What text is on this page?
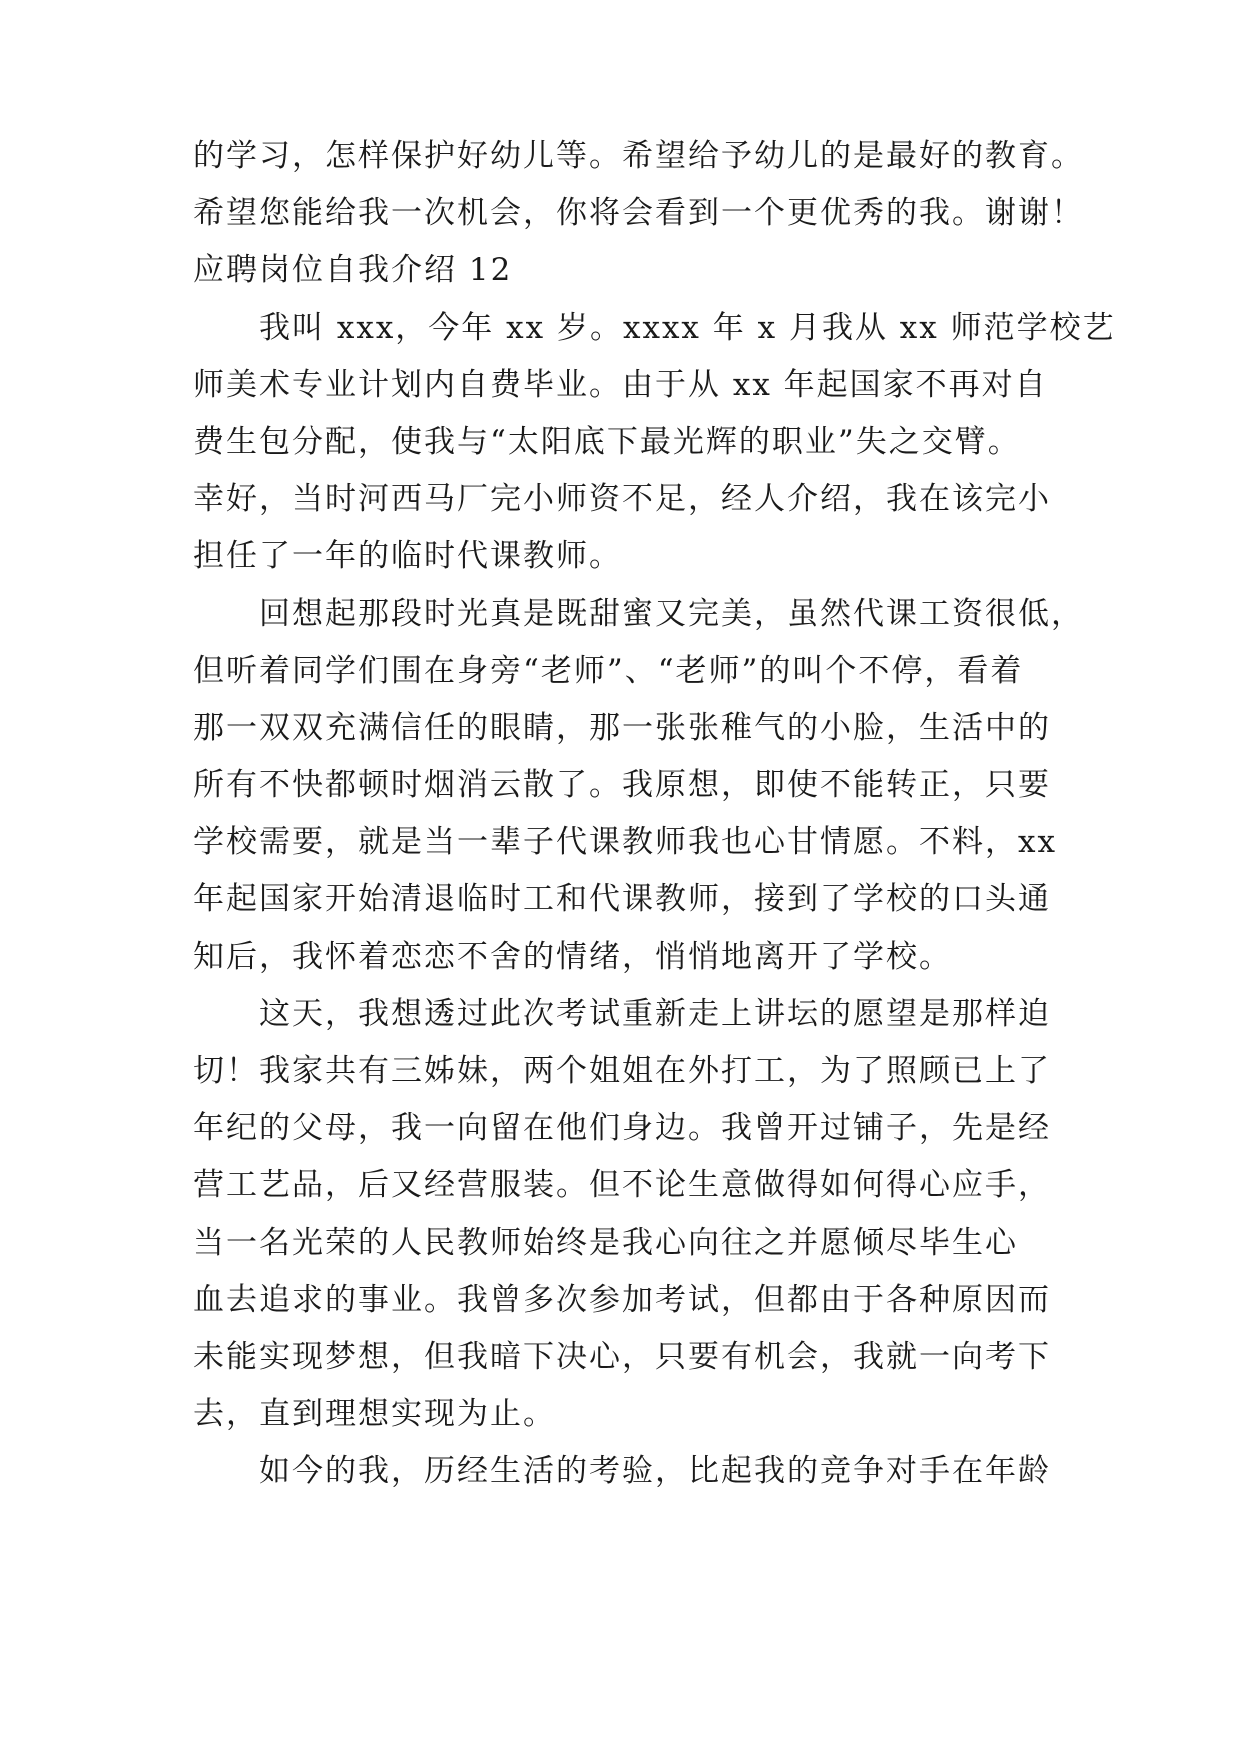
的学习，怎样保护好幼儿等。希望给予幼儿的是最好的教育。
希望您能给我一次机会，你将会看到一个更优秀的我。谢谢！
应聘岗位自我介绍 12
我叫 xxx，今年 xx 岁。xxxx 年 x 月我从 xx 师范学校艺
师美术专业计划内自费毕业。由于从 xx 年起国家不再对自
费生包分配，使我与“太阳底下最光辉的职业”失之交臂。
幸好，当时河西马厂完小师资不足，经人介绍，我在该完小
担任了一年的临时代课教师。
回想起那段时光真是既甜蜜又完美，虽然代课工资很低，
但听着同学们围在身旁“老师”、“老师”的叫个不停，看着
那一双双充满信任的眼睛，那一张张稚气的小脸，生活中的
所有不快都顿时烟消云散了。我原想，即使不能转正，只要
学校需要，就是当一辈子代课教师我也心甘情愿。不料，xx
年起国家开始清退临时工和代课教师，接到了学校的口头通
知后，我怀着恋恋不舍的情绪，悄悄地离开了学校。
这天，我想透过此次考试重新走上讲坛的愿望是那样迫
切！我家共有三姊妹，两个姐姐在外打工，为了照顾已上了
年纪的父母，我一向留在他们身边。我曾开过铺子，先是经
营工艺品，后又经营服装。但不论生意做得如何得心应手，
当一名光荣的人民教师始终是我心向往之并愿倾尽毕生心
血去追求的事业。我曾多次参加考试，但都由于各种原因而
未能实现梦想，但我暗下决心，只要有机会，我就一向考下
去，直到理想实现为止。
如今的我，历经生活的考验，比起我的竞争对手在年龄
